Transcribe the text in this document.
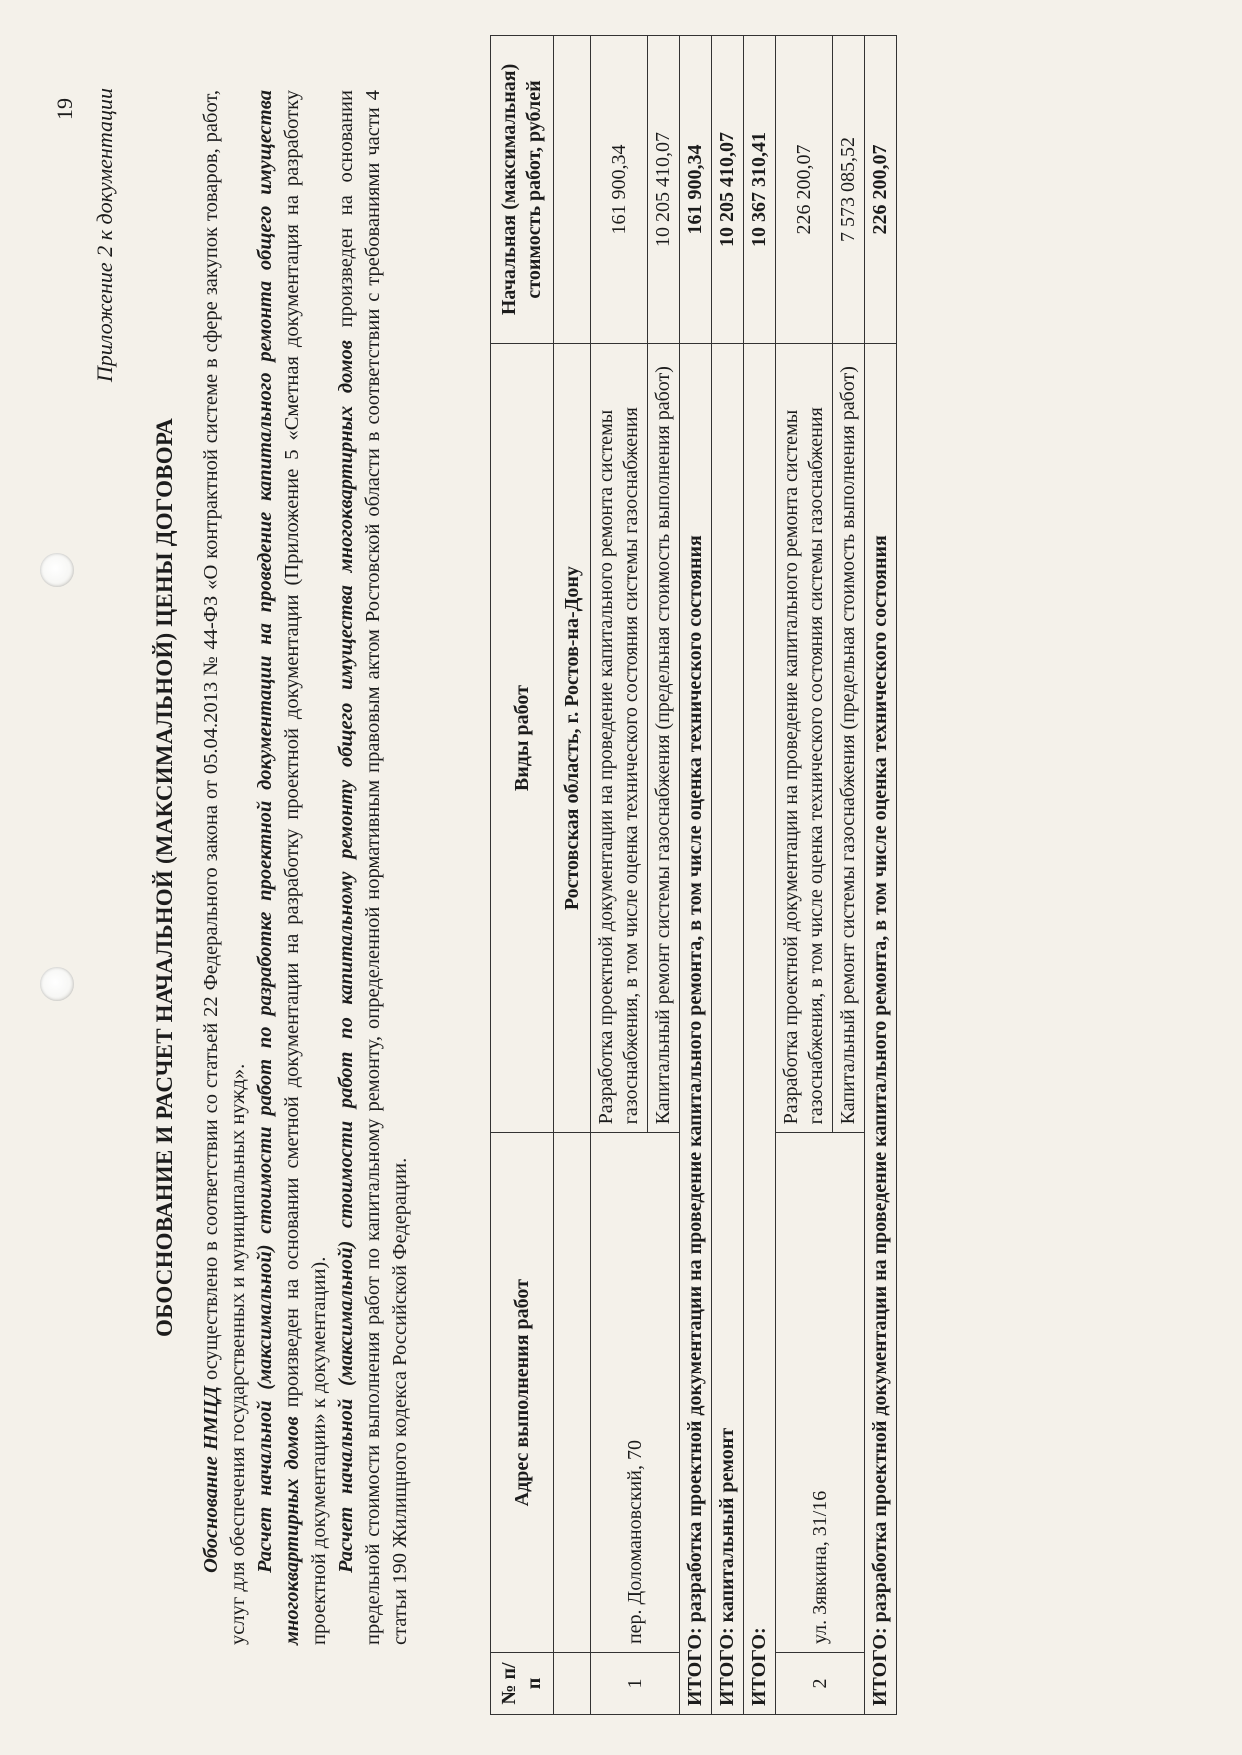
19 Приложение 2 к документации
ОБОСНОВАНИЕ И РАСЧЕТ НАЧАЛЬНОЙ (МАКСИМАЛЬНОЙ) ЦЕНЫ ДОГОВОРА

Обоснование НМЦД осуществлено в соответствии со статьей 22 Федерального закона от 05.04.2013 № 44-ФЗ «О контрактной системе в сфере закупок товаров, работ, услуг для обеспечения государственных и муниципальных нужд». Расчет начальной (максимальной) стоимости работ по разработке проектной документации на проведение капитального ремонта общего имущества многоквартирных домов произведен на основании сметной документации на разработку проектной документации (Приложение 5 «Сметная документация на разработку проектной документации» к документации). Расчет начальной (максимальной) стоимости работ по капитальному ремонту общего имущества многоквартирных домов произведен на основании предельной стоимости выполнения работ по капитальному ремонту, определенной нормативным правовым актом Ростовской области в соответствии с требованиями части 4 статьи 190 Жилищного кодекса Российской Федерации.

№ п/п	Адрес выполнения работ	Виды работ	Начальная (максимальная) стоимость работ, рублей
		Ростовская область, г. Ростов-на-Дону	
1	пер. Доломановский, 70	Разработка проектной документации на проведение капитального ремонта системы газоснабжения, в том числе оценка технического состояния системы газоснабжения	161 900,34
		Капитальный ремонт системы газоснабжения (предельная стоимость выполнения работ)	10 205 410,07
ИТОГО: разработка проектной документации на проведение капитального ремонта, в том числе оценка технического состояния			161 900,34
ИТОГО: капитальный ремонт			10 205 410,07
ИТОГО:			10 367 310,41
2	ул. Зявкина, 31/16	Разработка проектной документации на проведение капитального ремонта системы газоснабжения, в том числе оценка технического состояния системы газоснабжения	226 200,07
		Капитальный ремонт системы газоснабжения (предельная стоимость выполнения работ)	7 573 085,52
ИТОГО: разработка проектной документации на проведение капитального ремонта, в том числе оценка технического состояния			226 200,07
